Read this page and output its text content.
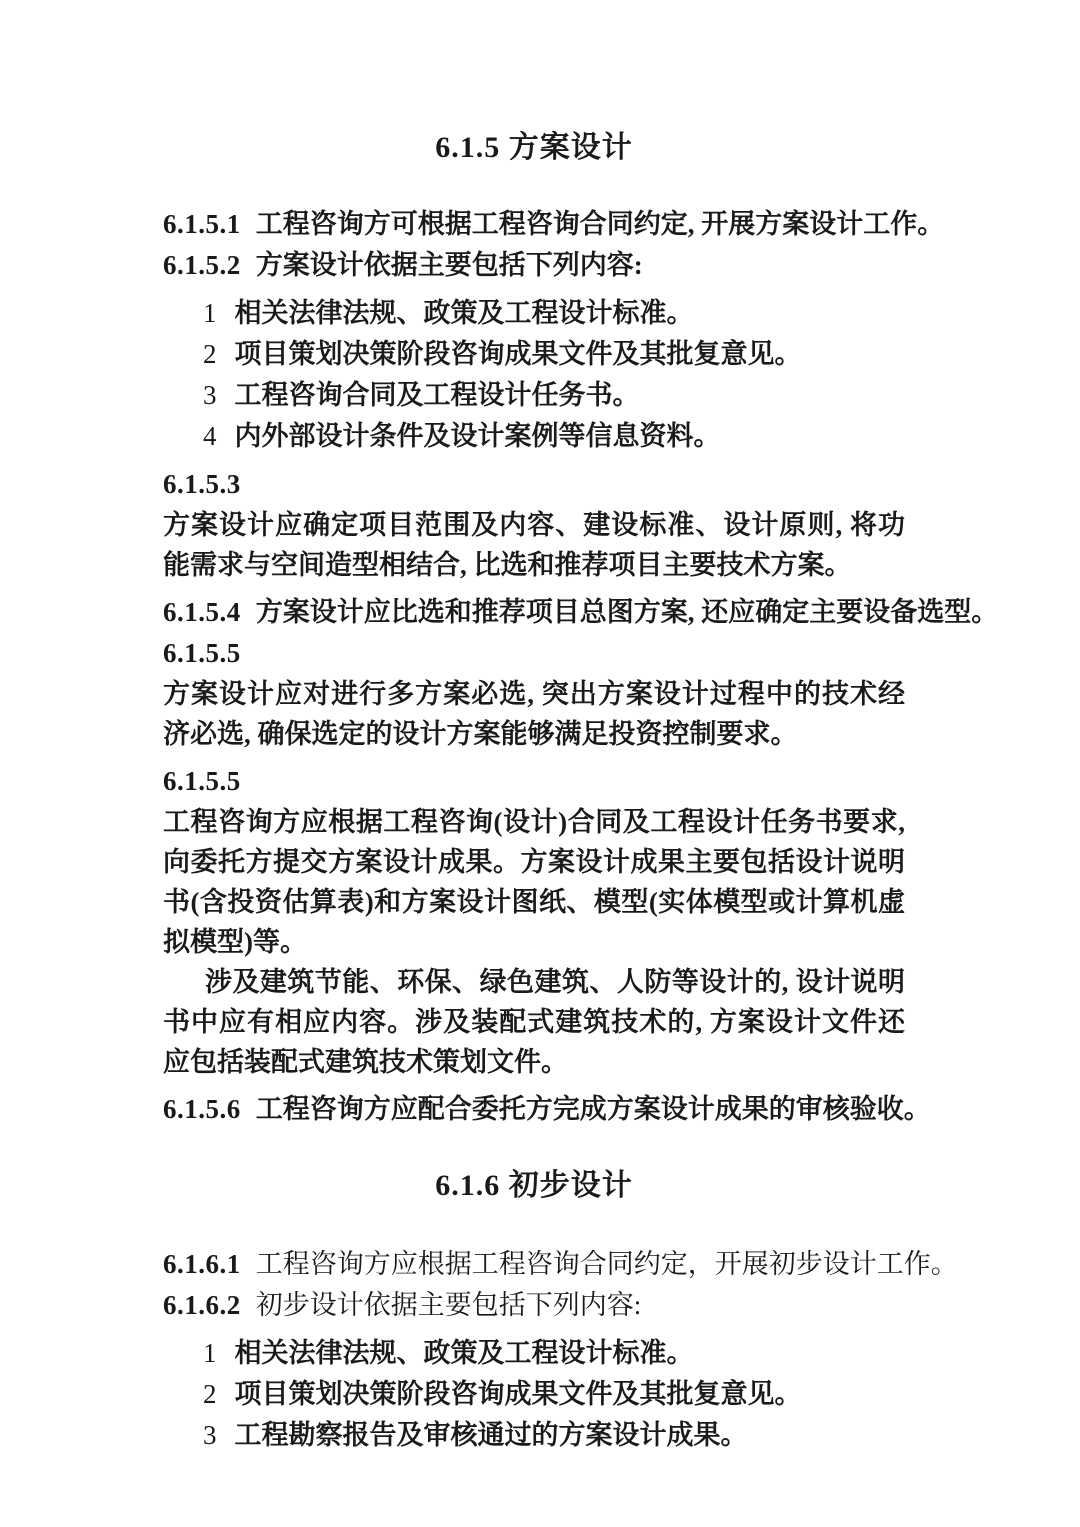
6.1.5 方案设计

6.1.5.1 工程咨询方可根据工程咨询合同约定, 开展方案设计工作。

6.1.5.2 方案设计依据主要包括下列内容:

1 相关法律法规、政策及工程设计标准。

2 项目策划决策阶段咨询成果文件及其批复意见。

3 工程咨询合同及工程设计任务书。

4 内外部设计条件及设计案例等信息资料。

6.1.5.3

方案设计应确定项目范围及内容、建设标准、设计原则, 将功能需求与空间造型相结合, 比选和推荐项目主要技术方案。

6.1.5.4 方案设计应比选和推荐项目总图方案, 还应确定主要设备选型。

6.1.5.5

方案设计应对进行多方案必选, 突出方案设计过程中的技术经济必选, 确保选定的设计方案能够满足投资控制要求。

6.1.5.5

工程咨询方应根据工程咨询(设计)合同及工程设计任务书要求, 向委托方提交方案设计成果。方案设计成果主要包括设计说明书(含投资估算表)和方案设计图纸、模型(实体模型或计算机虚拟模型)等。

涉及建筑节能、环保、绿色建筑、人防等设计的, 设计说明书中应有相应内容。涉及装配式建筑技术的, 方案设计文件还应包括装配式建筑技术策划文件。

6.1.5.6 工程咨询方应配合委托方完成方案设计成果的审核验收。

6.1.6 初步设计

6.1.6.1 工程咨询方应根据工程咨询合同约定，开展初步设计工作。

6.1.6.2 初步设计依据主要包括下列内容:

1 相关法律法规、政策及工程设计标准。

2 项目策划决策阶段咨询成果文件及其批复意见。

3 工程勘察报告及审核通过的方案设计成果。
